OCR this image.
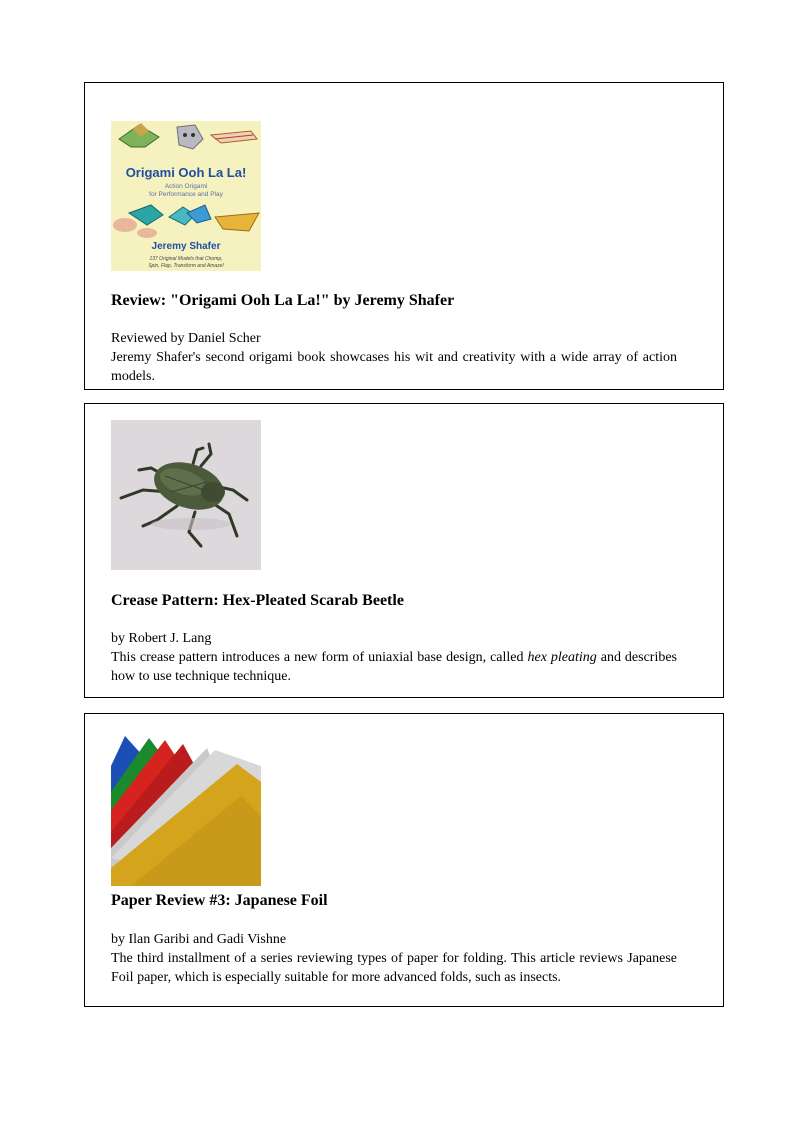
Origami Ooh La La!
Action Origami
for Performance and Play
Jeremy Shafer
137 Original Models that Chomp,
Spin, Flap, Transform and Amaze!
Review: "Origami Ooh La La!" by Jeremy Shafer

Reviewed by Daniel Scher

Jeremy Shafer's second origami book showcases his wit and creativity with a wide array of action models.

Crease Pattern: Hex-Pleated Scarab Beetle

by Robert J. Lang

This crease pattern introduces a new form of uniaxial base design, called hex pleating and describes how to use technique technique.

Paper Review #3: Japanese Foil

by Ilan Garibi and Gadi Vishne

The third installment of a series reviewing types of paper for folding. This article reviews Japanese Foil paper, which is especially suitable for more advanced folds, such as insects.
